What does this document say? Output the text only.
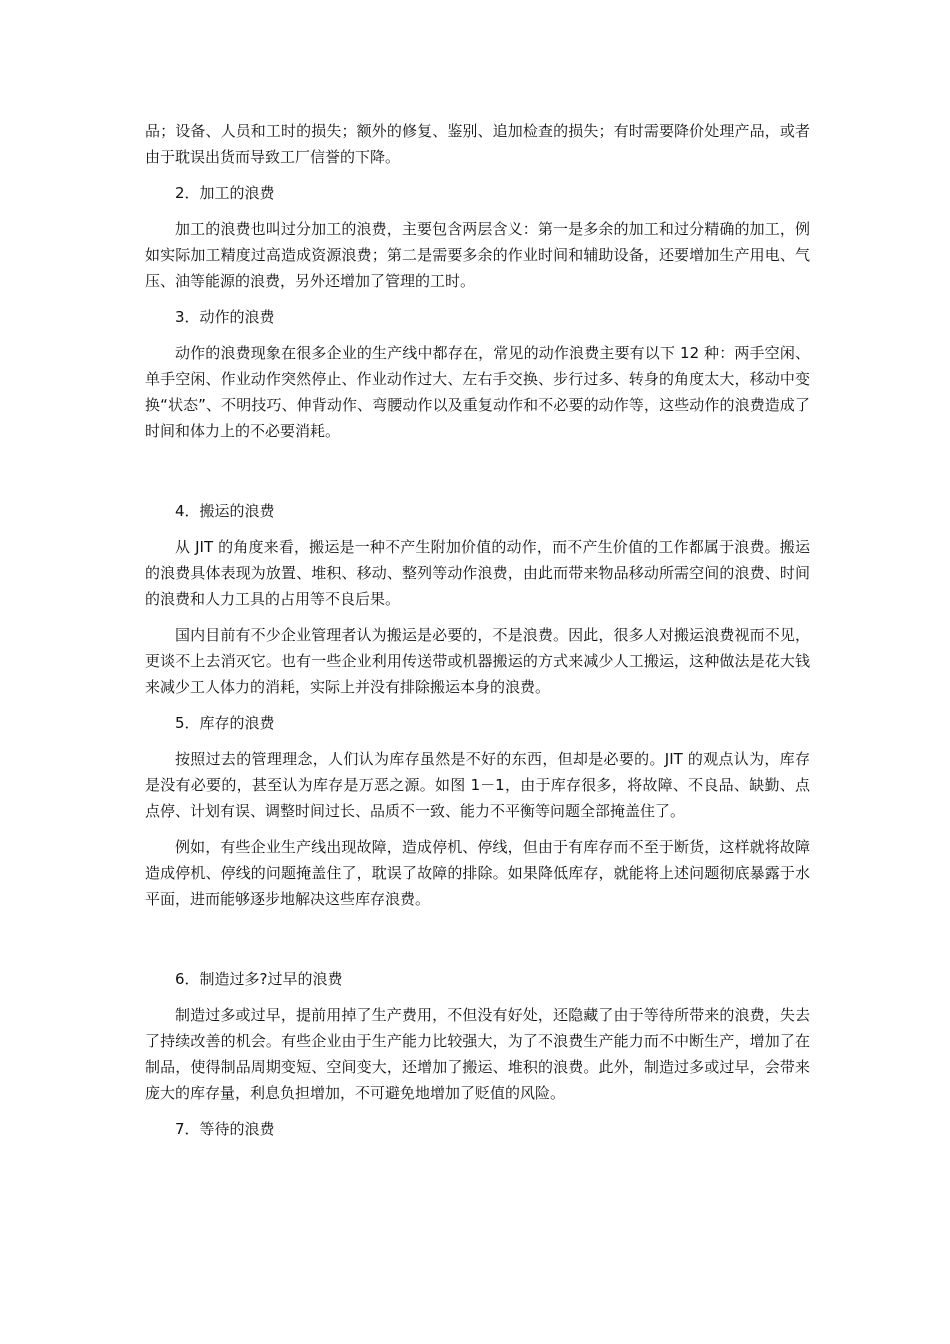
品；设备、人员和工时的损失；额外的修复、鉴别、追加检查的损失；有时需要降价处理产品，或者由于耽误出货而导致工厂信誉的下降。

2．加工的浪费

加工的浪费也叫过分加工的浪费，主要包含两层含义：第一是多余的加工和过分精确的加工，例如实际加工精度过高造成资源浪费；第二是需要多余的作业时间和辅助设备，还要增加生产用电、气压、油等能源的浪费，另外还增加了管理的工时。

3．动作的浪费

动作的浪费现象在很多企业的生产线中都存在，常见的动作浪费主要有以下 12 种：两手空闲、单手空闲、作业动作突然停止、作业动作过大、左右手交换、步行过多、转身的角度太大，移动中变换“状态”、不明技巧、伸背动作、弯腰动作以及重复动作和不必要的动作等，这些动作的浪费造成了时间和体力上的不必要消耗。

4．搬运的浪费

从 JIT 的角度来看，搬运是一种不产生附加价值的动作，而不产生价值的工作都属于浪费。搬运的浪费具体表现为放置、堆积、移动、整列等动作浪费，由此而带来物品移动所需空间的浪费、时间的浪费和人力工具的占用等不良后果。

国内目前有不少企业管理者认为搬运是必要的，不是浪费。因此，很多人对搬运浪费视而不见，更谈不上去消灭它。也有一些企业利用传送带或机器搬运的方式来减少人工搬运，这种做法是花大钱来减少工人体力的消耗，实际上并没有排除搬运本身的浪费。

5．库存的浪费

按照过去的管理理念，人们认为库存虽然是不好的东西，但却是必要的。JIT 的观点认为，库存是没有必要的，甚至认为库存是万恶之源。如图 1－1，由于库存很多，将故障、不良品、缺勤、点点停、计划有误、调整时间过长、品质不一致、能力不平衡等问题全部掩盖住了。

例如，有些企业生产线出现故障，造成停机、停线，但由于有库存而不至于断货，这样就将故障造成停机、停线的问题掩盖住了，耽误了故障的排除。如果降低库存，就能将上述问题彻底暴露于水平面，进而能够逐步地解决这些库存浪费。

6．制造过多?过早的浪费

制造过多或过早，提前用掉了生产费用，不但没有好处，还隐藏了由于等待所带来的浪费，失去了持续改善的机会。有些企业由于生产能力比较强大，为了不浪费生产能力而不中断生产，增加了在制品，使得制品周期变短、空间变大，还增加了搬运、堆积的浪费。此外，制造过多或过早，会带来庞大的库存量，利息负担增加，不可避免地增加了贬值的风险。

7．等待的浪费
